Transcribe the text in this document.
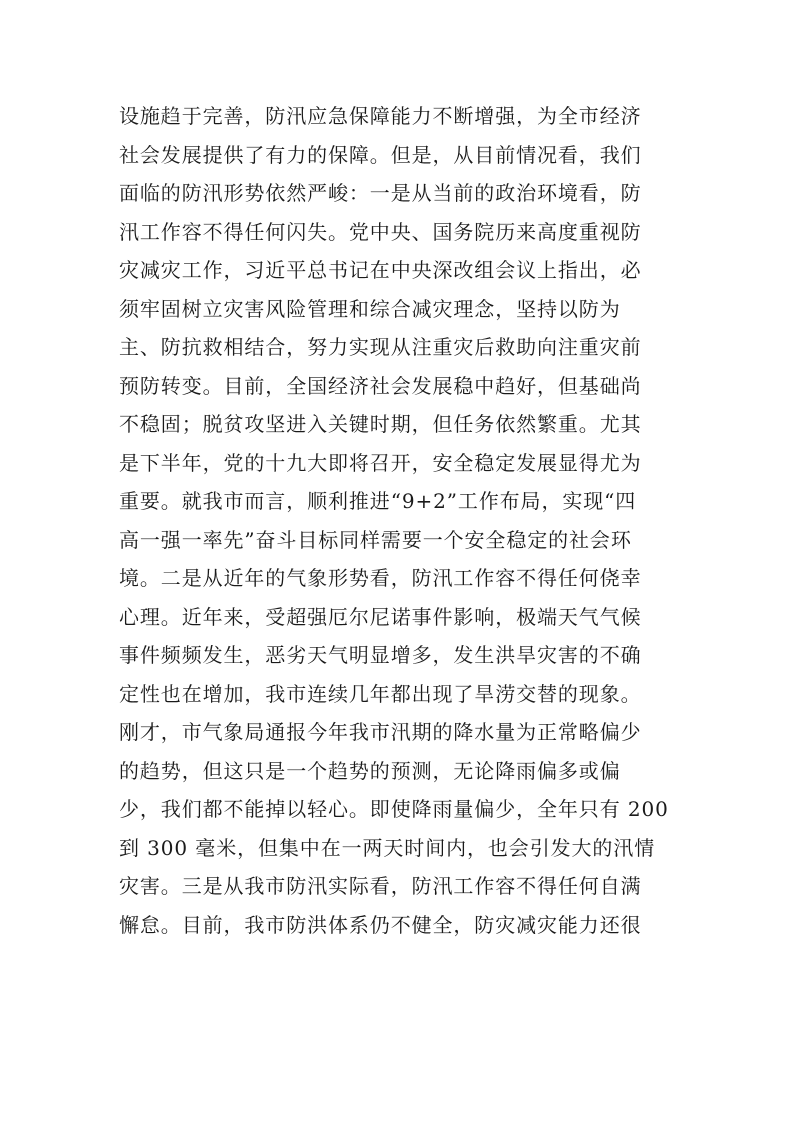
设施趋于完善，防汛应急保障能力不断增强，为全市经济
社会发展提供了有力的保障。但是，从目前情况看，我们
面临的防汛形势依然严峻：一是从当前的政治环境看，防
汛工作容不得任何闪失。党中央、国务院历来高度重视防
灾减灾工作，习近平总书记在中央深改组会议上指出，必
须牢固树立灾害风险管理和综合减灾理念，坚持以防为
主、防抗救相结合，努力实现从注重灾后救助向注重灾前
预防转变。目前，全国经济社会发展稳中趋好，但基础尚
不稳固；脱贫攻坚进入关键时期，但任务依然繁重。尤其
是下半年，党的十九大即将召开，安全稳定发展显得尤为
重要。就我市而言，顺利推进“9+2”工作布局，实现“四
高一强一率先”奋斗目标同样需要一个安全稳定的社会环
境。二是从近年的气象形势看，防汛工作容不得任何侥幸
心理。近年来，受超强厄尔尼诺事件影响，极端天气气候
事件频频发生，恶劣天气明显增多，发生洪旱灾害的不确
定性也在增加，我市连续几年都出现了旱涝交替的现象。
刚才，市气象局通报今年我市汛期的降水量为正常略偏少
的趋势，但这只是一个趋势的预测，无论降雨偏多或偏
少，我们都不能掉以轻心。即使降雨量偏少，全年只有 200
到 300 毫米，但集中在一两天时间内，也会引发大的汛情
灾害。三是从我市防汛实际看，防汛工作容不得任何自满
懈怠。目前，我市防洪体系仍不健全，防灾减灾能力还很
